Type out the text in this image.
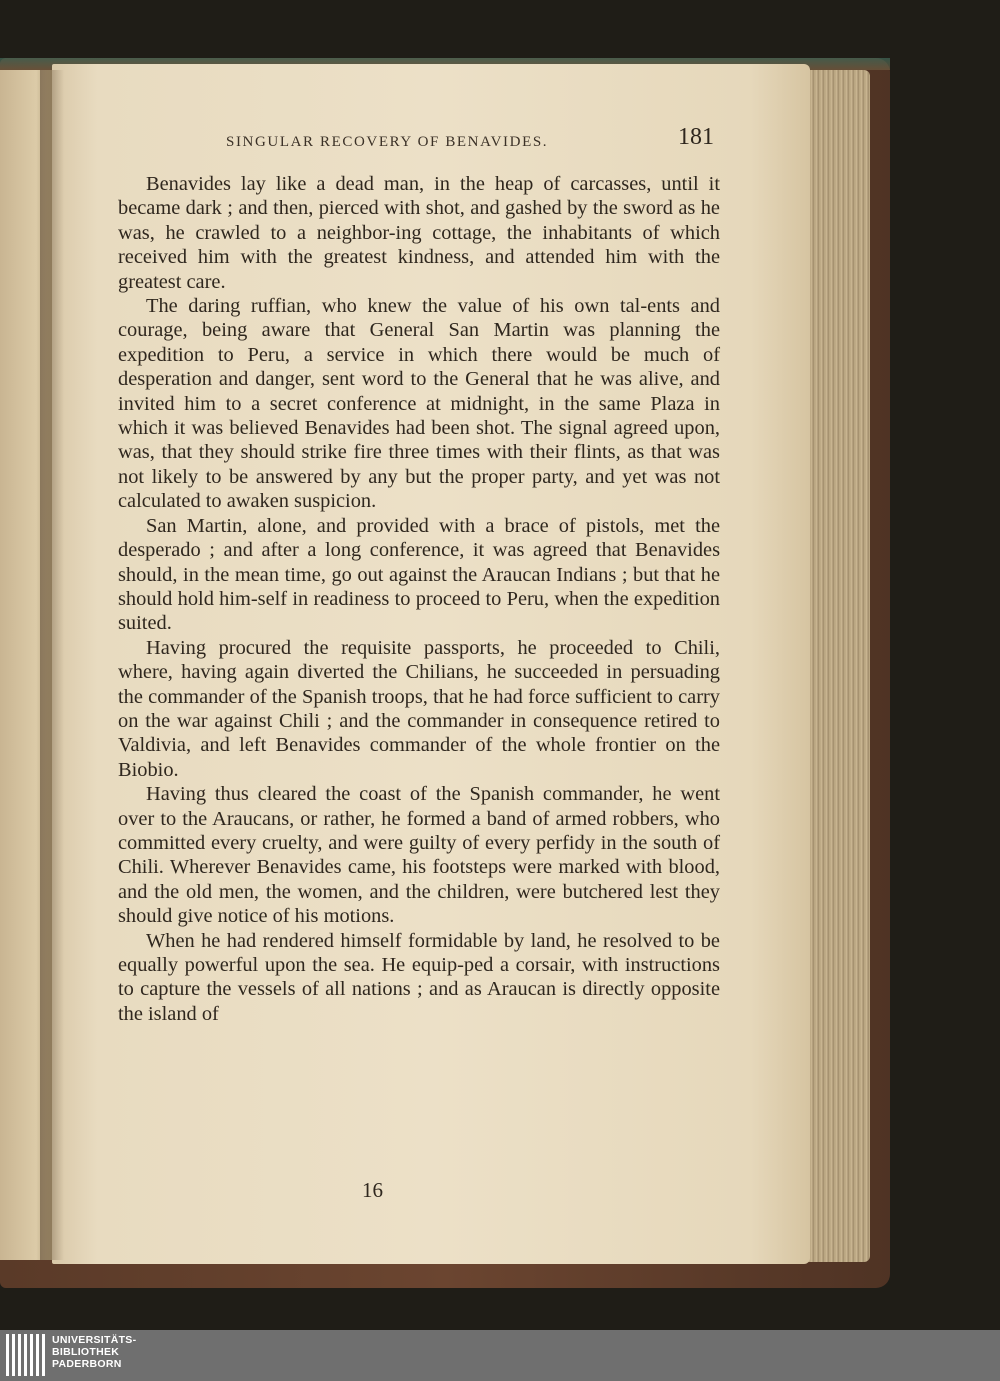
SINGULAR RECOVERY OF BENAVIDES.	181

Benavides lay like a dead man, in the heap of carcasses, until it became dark ; and then, pierced with shot, and gashed by the sword as he was, he crawled to a neighbor-ing cottage, the inhabitants of which received him with the greatest kindness, and attended him with the greatest care.

The daring ruffian, who knew the value of his own tal-ents and courage, being aware that General San Martin was planning the expedition to Peru, a service in which there would be much of desperation and danger, sent word to the General that he was alive, and invited him to a secret conference at midnight, in the same Plaza in which it was believed Benavides had been shot. The signal agreed upon, was, that they should strike fire three times with their flints, as that was not likely to be answered by any but the proper party, and yet was not calculated to awaken suspicion.

San Martin, alone, and provided with a brace of pistols, met the desperado ; and after a long conference, it was agreed that Benavides should, in the mean time, go out against the Araucan Indians ; but that he should hold him-self in readiness to proceed to Peru, when the expedition suited.

Having procured the requisite passports, he proceeded to Chili, where, having again diverted the Chilians, he succeeded in persuading the commander of the Spanish troops, that he had force sufficient to carry on the war against Chili ; and the commander in consequence retired to Valdivia, and left Benavides commander of the whole frontier on the Biobio.

Having thus cleared the coast of the Spanish commander, he went over to the Araucans, or rather, he formed a band of armed robbers, who committed every cruelty, and were guilty of every perfidy in the south of Chili. Wherever Benavides came, his footsteps were marked with blood, and the old men, the women, and the children, were butchered lest they should give notice of his motions.

When he had rendered himself formidable by land, he resolved to be equally powerful upon the sea. He equip-ped a corsair, with instructions to capture the vessels of all nations ; and as Araucan is directly opposite the island of

16
UNIVERSITÄTS-
BIBLIOTHEK
PADERBORN
